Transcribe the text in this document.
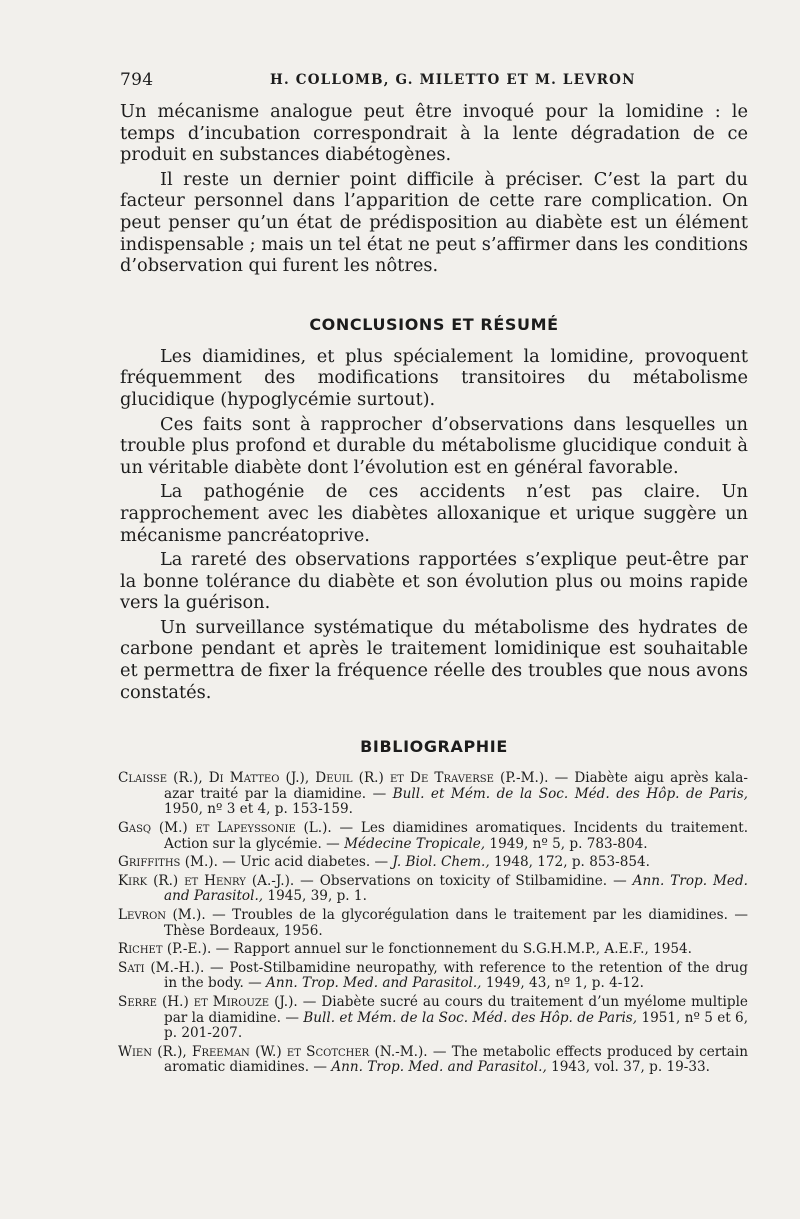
794	H. COLLOMB, G. MILETTO ET M. LEVRON

Un mécanisme analogue peut être invoqué pour la lomidine : le temps d’incubation correspondrait à la lente dégradation de ce produit en substances diabétogènes.

Il reste un dernier point difficile à préciser. C’est la part du facteur personnel dans l’apparition de cette rare complication. On peut penser qu’un état de prédisposition au diabète est un élément indispensable ; mais un tel état ne peut s’affirmer dans les conditions d’observation qui furent les nôtres.

CONCLUSIONS ET RÉSUMÉ

Les diamidines, et plus spécialement la lomidine, provoquent fréquemment des modifications transitoires du métabolisme glucidique (hypoglycémie surtout).

Ces faits sont à rapprocher d’observations dans lesquelles un trouble plus profond et durable du métabolisme glucidique conduit à un véritable diabète dont l’évolution est en général favorable.

La pathogénie de ces accidents n’est pas claire. Un rapprochement avec les diabètes alloxanique et urique suggère un mécanisme pancréatoprive.

La rareté des observations rapportées s’explique peut-être par la bonne tolérance du diabète et son évolution plus ou moins rapide vers la guérison.

Un surveillance systématique du métabolisme des hydrates de carbone pendant et après le traitement lomidinique est souhaitable et permettra de fixer la fréquence réelle des troubles que nous avons constatés.

BIBLIOGRAPHIE
Claisse (R.), Di Matteo (J.), Deuil (R.) et De Traverse (P.-M.). — Diabète aigu après kala-azar traité par la diamidine. — Bull. et Mém. de la Soc. Méd. des Hôp. de Paris, 1950, nº 3 et 4, p. 153-159.
Gasq (M.) et Lapeyssonie (L.). — Les diamidines aromatiques. Incidents du traitement. Action sur la glycémie. — Médecine Tropicale, 1949, nº 5, p. 783-804.
Griffiths (M.). — Uric acid diabetes. — J. Biol. Chem., 1948, 172, p. 853-854.
Kirk (R.) et Henry (A.-J.). — Observations on toxicity of Stilbamidine. — Ann. Trop. Med. and Parasitol., 1945, 39, p. 1.
Levron (M.). — Troubles de la glycorégulation dans le traitement par les diamidines. — Thèse Bordeaux, 1956.
Richet (P.-E.). — Rapport annuel sur le fonctionnement du S.G.H.M.P., A.E.F., 1954.
Sati (M.-H.). — Post-Stilbamidine neuropathy, with reference to the retention of the drug in the body. — Ann. Trop. Med. and Parasitol., 1949, 43, nº 1, p. 4-12.
Serre (H.) et Mirouze (J.). — Diabète sucré au cours du traitement d’un myélome multiple par la diamidine. — Bull. et Mém. de la Soc. Méd. des Hôp. de Paris, 1951, nº 5 et 6, p. 201-207.
Wien (R.), Freeman (W.) et Scotcher (N.-M.). — The metabolic effects produced by certain aromatic diamidines. — Ann. Trop. Med. and Parasitol., 1943, vol. 37, p. 19-33.
